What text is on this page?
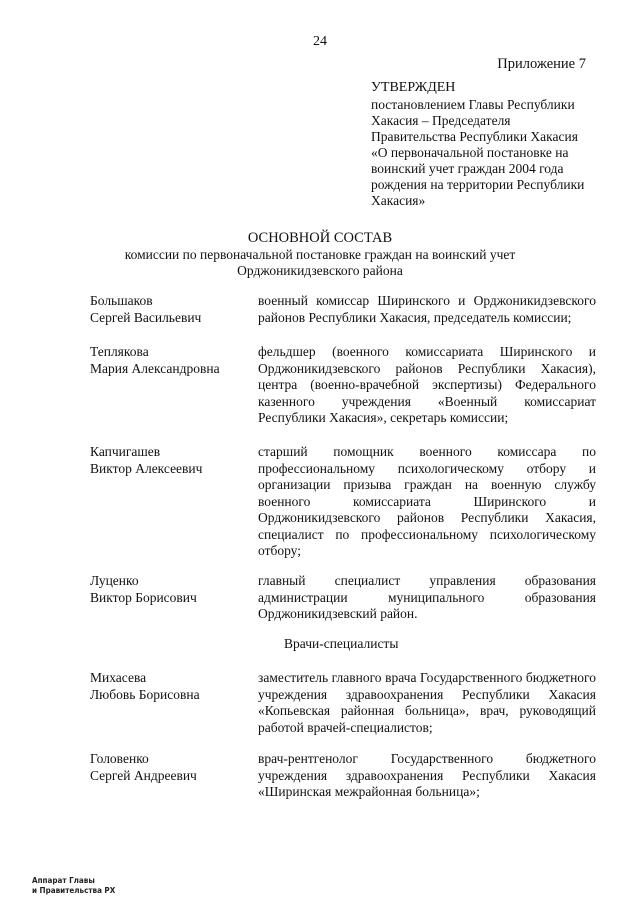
24
Приложение 7
УТВЕРЖДЕН
постановлением Главы Республики
Хакасия – Председателя
Правительства Республики Хакасия
«О первоначальной постановке на
воинский учет граждан 2004 года
рождения на территории Республики
Хакасия»
ОСНОВНОЙ СОСТАВ
комиссии по первоначальной постановке граждан на воинский учет
Орджоникидзевского района
Большаков
Сергей Васильевич
военный комиссар Ширинского и Орджоникидзевского районов Республики Хакасия, председатель комиссии;
Теплякова
Мария Александровна
фельдшер (военного комиссариата Ширинского и Орджоникидзевского районов Республики Хакасия), центра (военно-врачебной экспертизы) Федерального казенного учреждения «Военный комиссариат Республики Хакасия», секретарь комиссии;
Капчигашев
Виктор Алексеевич
старший помощник военного комиссара по профессиональному психологическому отбору и организации призыва граждан на военную службу военного комиссариата Ширинского и Орджоникидзевского районов Республики Хакасия, специалист по профессиональному психологическому отбору;
Луценко
Виктор Борисович
главный специалист управления образования администрации муниципального образования Орджоникидзевский район.
Врачи-специалисты
Михасева
Любовь Борисовна
заместитель главного врача Государственного бюджетного учреждения здравоохранения Республики Хакасия «Копьевская районная больница», врач, руководящий работой врачей-специалистов;
Головенко
Сергей Андреевич
врач-рентгенолог Государственного бюджетного учреждения здравоохранения Республики Хакасия «Ширинская межрайонная больница»;
Аппарат Главы
и Правительства РХ
